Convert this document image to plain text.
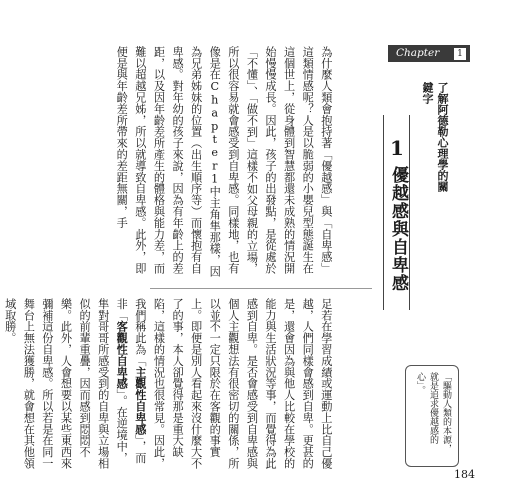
為什麼人類會抱持著「優越感」與「自卑感」這類情感呢？人是以脆弱的小嬰兒型態誕生在這個世上，從身體到智慧都還未成熟的情況開始慢慢成長。因此，孩子的出發點，是從處於「不懂」、「做不到」這樣不如父母親的立場，所以很容易就會感受到自卑感。同樣地，也有像是在Chapter1中主角隼那樣，因為兄弟姊妹的位置（出生順序等）而懷抱有自卑感。對年幼的孩子來說，因為有年齡上的差距，以及因年齡差所產生的體格與能力差，而難以超越兄姊，所以就導致自卑感。此外，即便是與年齡差所帶來的差距無關，手

足若在學習成績或運動上比自己優越，人們同樣會感到自卑。更甚的是，還會因為與他人比較在學校的能力與生活狀況等事，而覺得為此感到自卑。是否會感受到自卑感與個人主觀想法有很密切的關係，所以並不一定只限於在客觀的事實上。即便是別人看起來沒什麼大不了的事，本人卻覺得那是重大缺陷，這樣的情況也很常見。因此，我們稱此為「主觀性自卑感」，而非「客觀性自卑感」。在逆境中，隼對哥哥所感受到的自卑與立場相似的前輩重疊，因而感到悶悶不樂。此外，人會想要以某些東西來彌補這份自卑感。所以若是在同一舞台上無法獲勝，就會想在其他領域取勝。

Chapter	1
了解阿德勒心理學的關鍵字
1
優越感與自卑感
「驅動人類的本源，就是追求優越感的心」。
184
